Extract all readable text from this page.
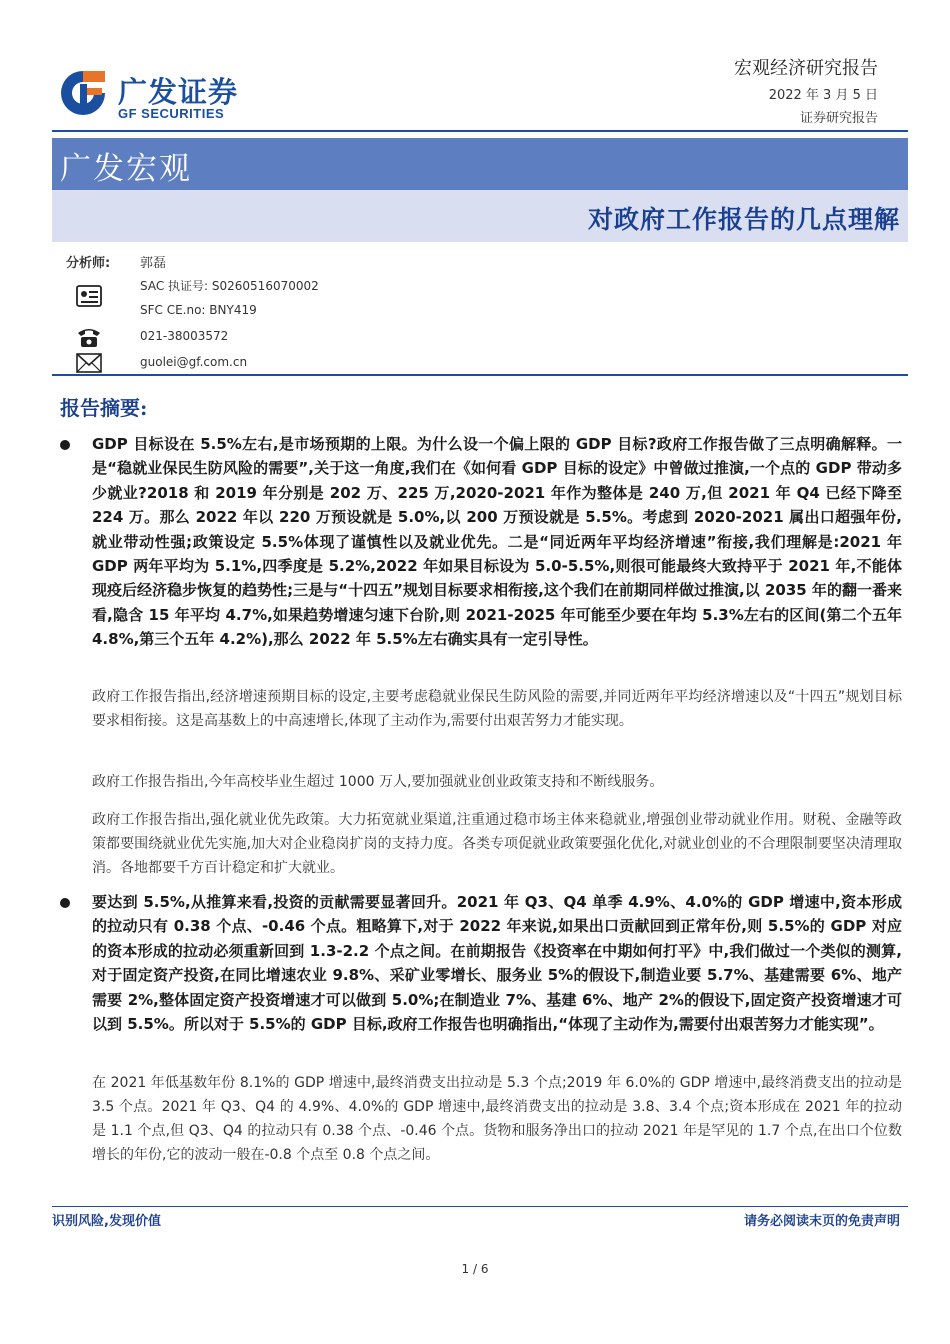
广发证券
GF SECURITIES
宏观经济研究报告
2022 年 3 月 5 日
证券研究报告
广发宏观
对政府工作报告的几点理解
分析师: 郭磊
SAC 执证号: S0260516070002
SFC CE.no: BNY419
021-38003572
guolei@gf.com.cn
报告摘要:
GDP 目标设在 5.5%左右,是市场预期的上限。为什么设一个偏上限的 GDP 目标?政府工作报告做了三点明确解释。一是“稳就业保民生防风险的需要”,关于这一角度,我们在《如何看 GDP 目标的设定》中曾做过推演,一个点的 GDP 带动多少就业?2018 和 2019 年分别是 202 万、225 万,2020-2021 年作为整体是 240 万,但 2021 年 Q4 已经下降至 224 万。那么 2022 年以 220 万预设就是 5.0%,以 200 万预设就是 5.5%。考虑到 2020-2021 属出口超强年份,就业带动性强;政策设定 5.5%体现了谨慎性以及就业优先。二是“同近两年平均经济增速”衔接,我们理解是:2021 年 GDP 两年平均为 5.1%,四季度是 5.2%,2022 年如果目标设为 5.0-5.5%,则很可能最终大致持平于 2021 年,不能体现疫后经济稳步恢复的趋势性;三是与“十四五”规划目标要求相衔接,这个我们在前期同样做过推演,以 2035 年的翻一番来看,隐含 15 年平均 4.7%,如果趋势增速匀速下台阶,则 2021-2025 年可能至少要在年均 5.3%左右的区间(第二个五年 4.8%,第三个五年 4.2%),那么 2022 年 5.5%左右确实具有一定引导性。
政府工作报告指出,经济增速预期目标的设定,主要考虑稳就业保民生防风险的需要,并同近两年平均经济增速以及“十四五”规划目标要求相衔接。这是高基数上的中高速增长,体现了主动作为,需要付出艰苦努力才能实现。
政府工作报告指出,今年高校毕业生超过 1000 万人,要加强就业创业政策支持和不断线服务。
政府工作报告指出,强化就业优先政策。大力拓宽就业渠道,注重通过稳市场主体来稳就业,增强创业带动就业作用。财税、金融等政策都要围绕就业优先实施,加大对企业稳岗扩岗的支持力度。各类专项促就业政策要强化优化,对就业创业的不合理限制要坚决清理取消。各地都要千方百计稳定和扩大就业。
要达到 5.5%,从推算来看,投资的贡献需要显著回升。2021 年 Q3、Q4 单季 4.9%、4.0%的 GDP 增速中,资本形成的拉动只有 0.38 个点、-0.46 个点。粗略算下,对于 2022 年来说,如果出口贡献回到正常年份,则 5.5%的 GDP 对应的资本形成的拉动必须重新回到 1.3-2.2 个点之间。在前期报告《投资率在中期如何打平》中,我们做过一个类似的测算,对于固定资产投资,在同比增速农业 9.8%、采矿业零增长、服务业 5%的假设下,制造业要 5.7%、基建需要 6%、地产需要 2%,整体固定资产投资增速才可以做到 5.0%;在制造业 7%、基建 6%、地产 2%的假设下,固定资产投资增速才可以到 5.5%。所以对于 5.5%的 GDP 目标,政府工作报告也明确指出,“体现了主动作为,需要付出艰苦努力才能实现”。
在 2021 年低基数年份 8.1%的 GDP 增速中,最终消费支出拉动是 5.3 个点;2019 年 6.0%的 GDP 增速中,最终消费支出的拉动是 3.5 个点。2021 年 Q3、Q4 的 4.9%、4.0%的 GDP 增速中,最终消费支出的拉动是 3.8、3.4 个点;资本形成在 2021 年的拉动是 1.1 个点,但 Q3、Q4 的拉动只有 0.38 个点、-0.46 个点。货物和服务净出口的拉动 2021 年是罕见的 1.7 个点,在出口个位数增长的年份,它的波动一般在-0.8 个点至 0.8 个点之间。
识别风险,发现价值	请务必阅读末页的免责声明
1 / 6
